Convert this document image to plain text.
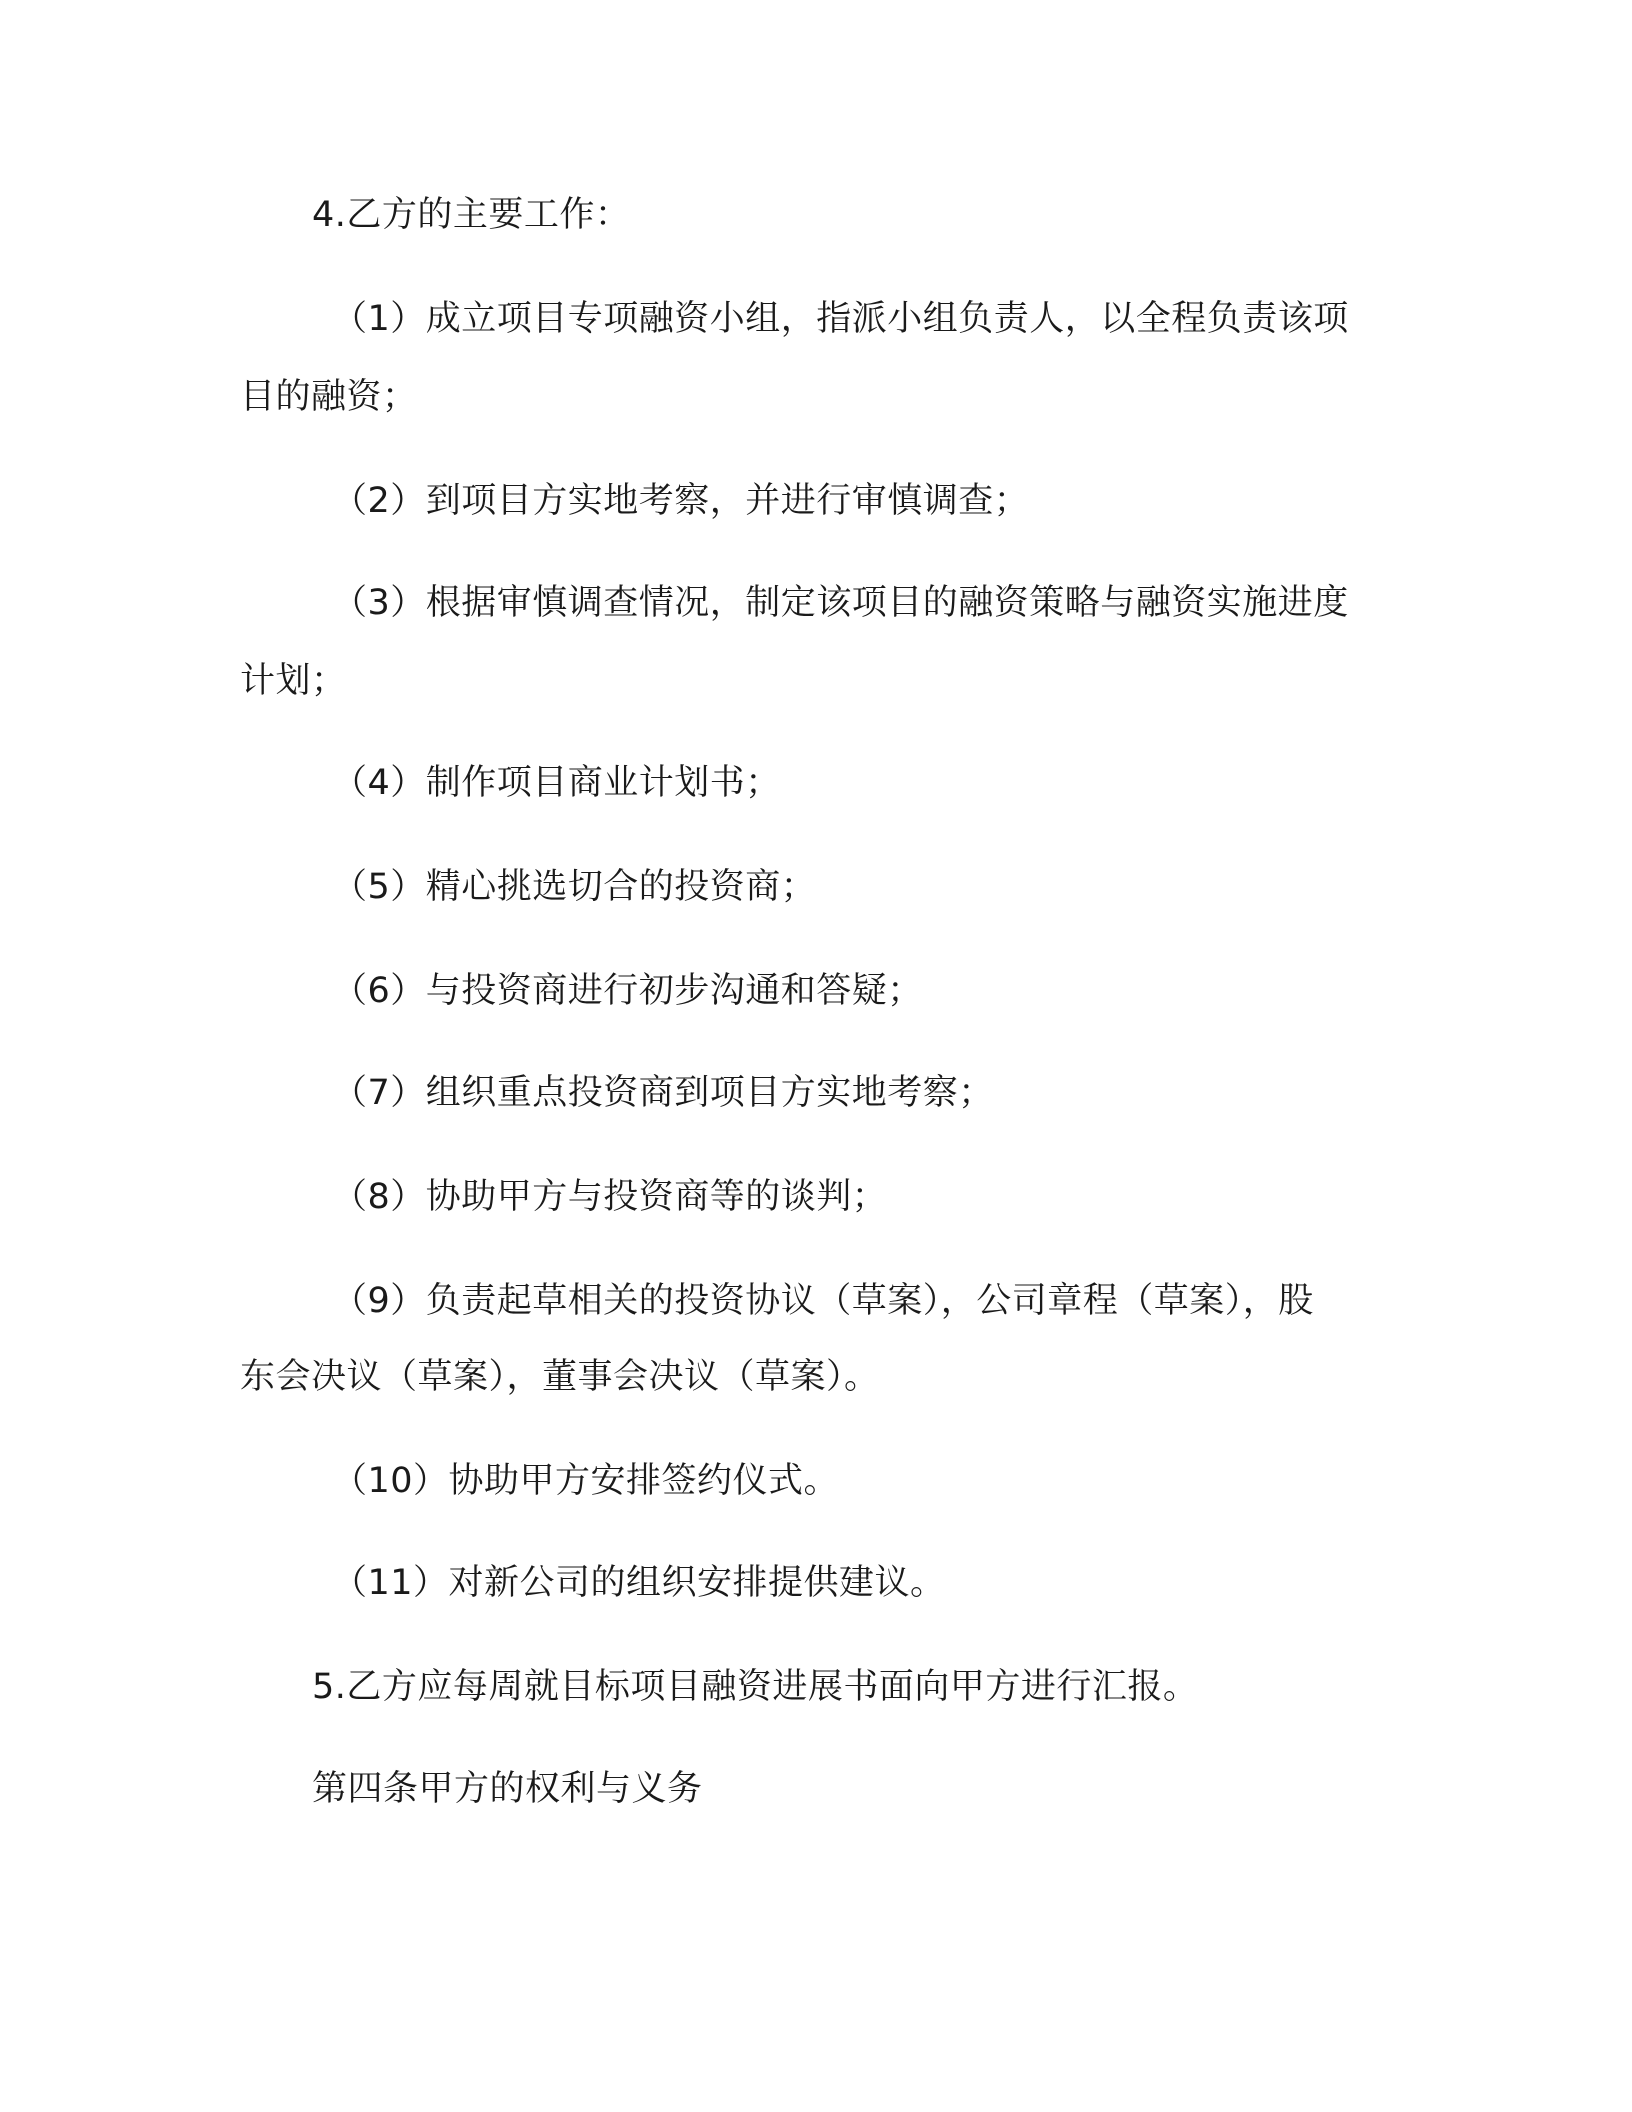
4.乙方的主要工作：
（1）成立项目专项融资小组，指派小组负责人，以全程负责该项
目的融资；
（2）到项目方实地考察，并进行审慎调查；
（3）根据审慎调查情况，制定该项目的融资策略与融资实施进度
计划；
（4）制作项目商业计划书；
（5）精心挑选切合的投资商；
（6）与投资商进行初步沟通和答疑；
（7）组织重点投资商到项目方实地考察；
（8）协助甲方与投资商等的谈判；
（9）负责起草相关的投资协议（草案），公司章程（草案），股
东会决议（草案），董事会决议（草案）。
（10）协助甲方安排签约仪式。
（11）对新公司的组织安排提供建议。
5.乙方应每周就目标项目融资进展书面向甲方进行汇报。
第四条甲方的权利与义务
